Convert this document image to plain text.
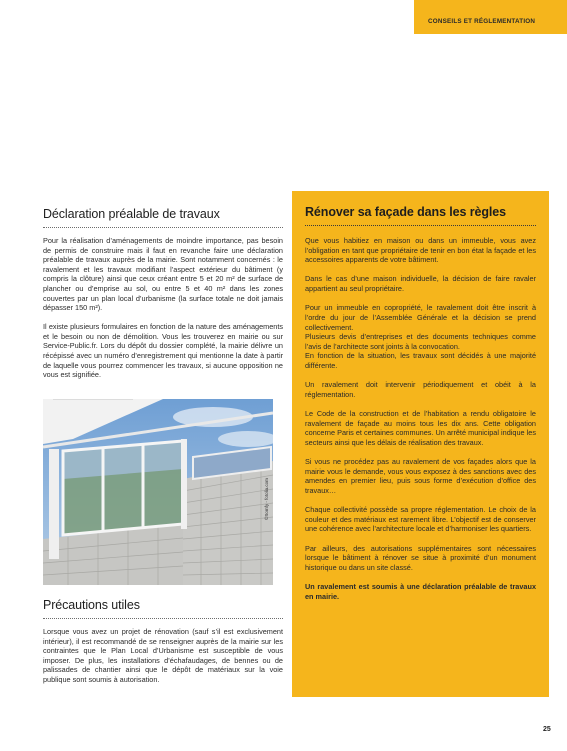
CONSEILS ET RÉGLEMENTATION
Déclaration préalable de travaux

Pour la réalisation d’aménagements de moindre importance, pas besoin de permis de construire mais il faut en revanche faire une déclaration préalable de travaux auprès de la mairie. Sont notamment concernés : le ravalement et les travaux modifiant l’aspect extérieur du bâtiment (y compris la clôture) ainsi que ceux créant entre 5 et 20 m² de surface de plancher ou d’emprise au sol, ou entre 5 et 40 m² dans les zones couvertes par un plan local d’urbanisme (la surface totale ne doit jamais dépasser 150 m²).

Il existe plusieurs formulaires en fonction de la nature des aménagements et le besoin ou non de démolition. Vous les trouverez en mairie ou sur Service-Public.fr. Lors du dépôt du dossier complété, la mairie délivre un récépissé avec un numéro d’enregistrement qui mentionne la date à partir de laquelle vous pourrez commencer les travaux, si aucune opposition ne vous est signifiée.

©Somfy - fotolia.com
Précautions utiles

Lorsque vous avez un projet de rénovation (sauf s’il est exclusivement intérieur), il est recommandé de se renseigner auprès de la mairie sur les contraintes que le Plan Local d’Urbanisme est susceptible de vous imposer. De plus, les installations d’échafaudages, de bennes ou de palissades de chantier ainsi que le dépôt de matériaux sur la voie publique sont soumis à autorisation.

Rénover sa façade dans les règles

Que vous habitiez en maison ou dans un immeuble, vous avez l’obligation en tant que propriétaire de tenir en bon état la façade et les accessoires apparents de votre bâtiment.

Dans le cas d’une maison individuelle, la décision de faire ravaler appartient au seul propriétaire.

Pour un immeuble en copropriété, le ravalement doit être inscrit à l’ordre du jour de l’Assemblée Générale et la décision se prend collectivement.
Plusieurs devis d’entreprises et des documents techniques comme l’avis de l’architecte sont joints à la convocation.
En fonction de la situation, les travaux sont décidés à une majorité différente.

Un ravalement doit intervenir périodiquement et obéit à la réglementation.

Le Code de la construction et de l’habitation a rendu obligatoire le ravalement de façade au moins tous les dix ans. Cette obligation concerne Paris et certaines communes. Un arrêté municipal indique les secteurs ainsi que les délais de réalisation des travaux.

Si vous ne procédez pas au ravalement de vos façades alors que la mairie vous le demande, vous vous exposez à des sanctions avec des amendes en premier lieu, puis sous forme d’exécution d’office des travaux…

Chaque collectivité possède sa propre réglementation. Le choix de la couleur et des matériaux est rarement libre. L’objectif est de conserver une cohérence avec l’architecture locale et d’harmoniser les quartiers.

Par ailleurs, des autorisations supplémentaires sont nécessaires lorsque le bâtiment à rénover se situe à proximité d’un monument historique ou dans un site classé.

Un ravalement est soumis à une déclaration préalable de travaux en mairie.

25
